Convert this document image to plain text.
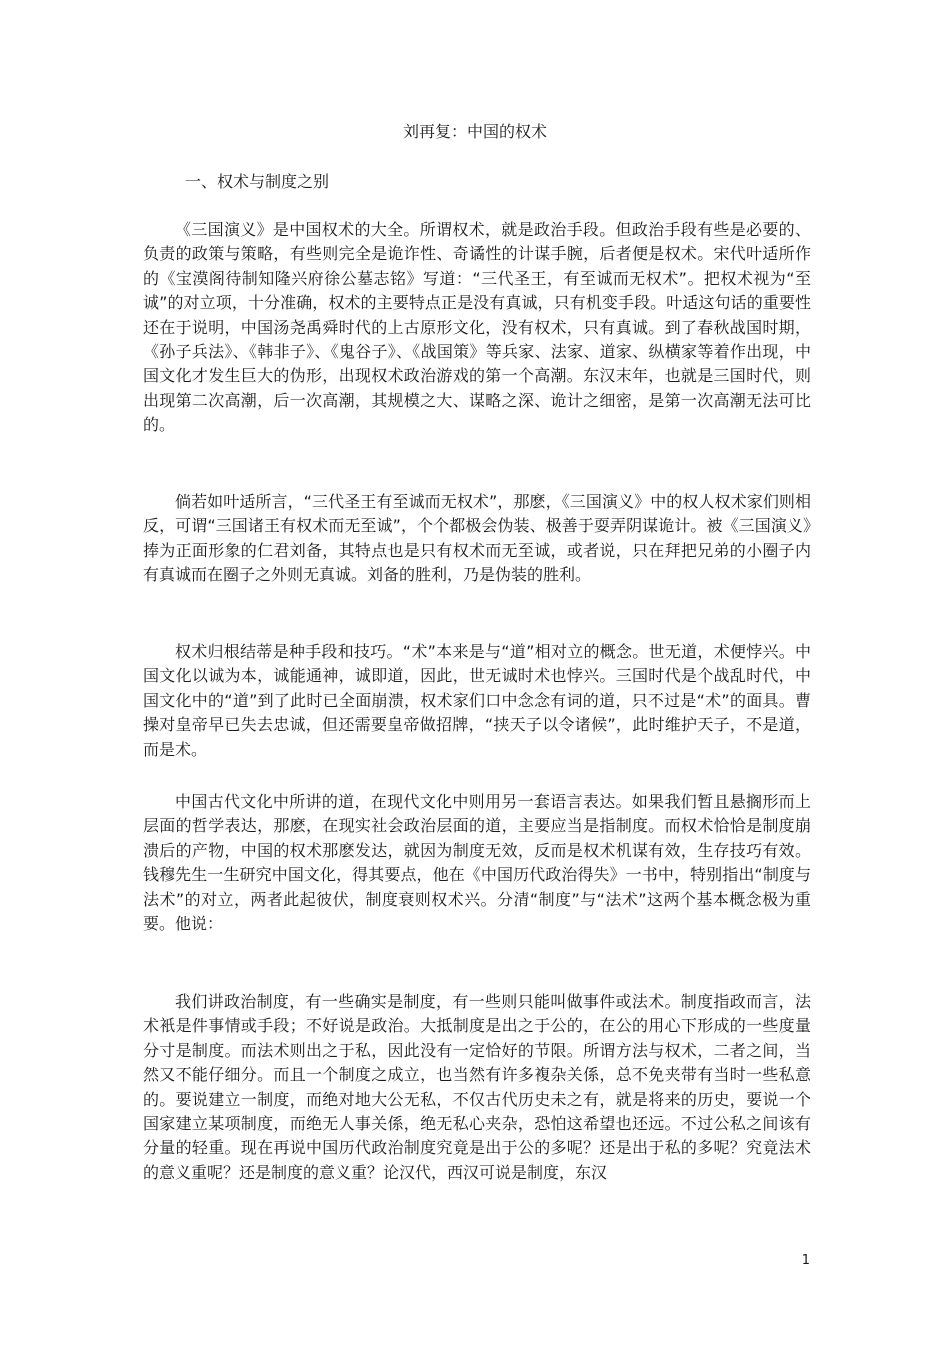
刘再复：中国的权术
一、权术与制度之别

《三国演义》是中国权术的大全。所谓权术，就是政治手段。但政治手段有些是必要的、负责的政策与策略，有些则完全是诡诈性、奇谲性的计谋手腕，后者便是权术。宋代叶适所作的《宝漠阁待制知隆兴府徐公墓志铭》写道：“三代圣王，有至诚而无权术”。把权术视为“至诚”的对立项，十分准确，权术的主要特点正是没有真诚，只有机变手段。叶适这句话的重要性还在于说明，中国汤尧禹舜时代的上古原形文化，没有权术，只有真诚。到了春秋战国时期，《孙子兵法》、《韩非子》、《鬼谷子》、《战国策》等兵家、法家、道家、纵横家等着作出现，中国文化才发生巨大的伪形，出现权术政治游戏的第一个高潮。东汉末年，也就是三国时代，则出现第二次高潮，后一次高潮，其规模之大、谋略之深、诡计之细密，是第一次高潮无法可比的。

倘若如叶适所言，“三代圣王有至诚而无权术”，那麽，《三国演义》中的权人权术家们则相反，可谓“三国诸王有权术而无至诚”，个个都极会伪装、极善于耍弄阴谋诡计。被《三国演义》捧为正面形象的仁君刘备，其特点也是只有权术而无至诚，或者说，只在拜把兄弟的小圈子内有真诚而在圈子之外则无真诚。刘备的胜利，乃是伪装的胜利。

权术归根结蒂是种手段和技巧。“术”本来是与“道”相对立的概念。世无道，术便悖兴。中国文化以诚为本，诚能通神，诚即道，因此，世无诚时术也悖兴。三国时代是个战乱时代，中国文化中的“道”到了此时已全面崩溃，权术家们口中念念有词的道，只不过是“术”的面具。曹操对皇帝早已失去忠诚，但还需要皇帝做招牌，“挟天子以令诸候”，此时维护天子，不是道，而是术。

中国古代文化中所讲的道，在现代文化中则用另一套语言表达。如果我们暂且悬搁形而上层面的哲学表达，那麽，在现实社会政治层面的道，主要应当是指制度。而权术恰恰是制度崩溃后的产物，中国的权术那麽发达，就因为制度无效，反而是权术机谋有效，生存技巧有效。钱穆先生一生研究中国文化，得其要点，他在《中国历代政治得失》一书中，特别指出“制度与法术”的对立，两者此起彼伏，制度衰则权术兴。分清“制度”与“法术”这两个基本概念极为重要。他说：

我们讲政治制度，有一些确实是制度，有一些则只能叫做事件或法术。制度指政而言，法术衹是件事情或手段；不好说是政治。大抵制度是出之于公的，在公的用心下形成的一些度量分寸是制度。而法术则出之于私，因此没有一定恰好的节限。所谓方法与权术，二者之间，当然又不能仔细分。而且一个制度之成立，也当然有许多複杂关係，总不免夹带有当时一些私意的。要说建立一制度，而绝对地大公无私，不仅古代历史未之有，就是将来的历史，要说一个国家建立某项制度，而绝无人事关係，绝无私心夹杂，恐怕这希望也还远。不过公私之间该有分量的轻重。现在再说中国历代政治制度究竟是出于公的多呢？还是出于私的多呢？究竟法术的意义重呢？还是制度的意义重？论汉代，西汉可说是制度，东汉

1
